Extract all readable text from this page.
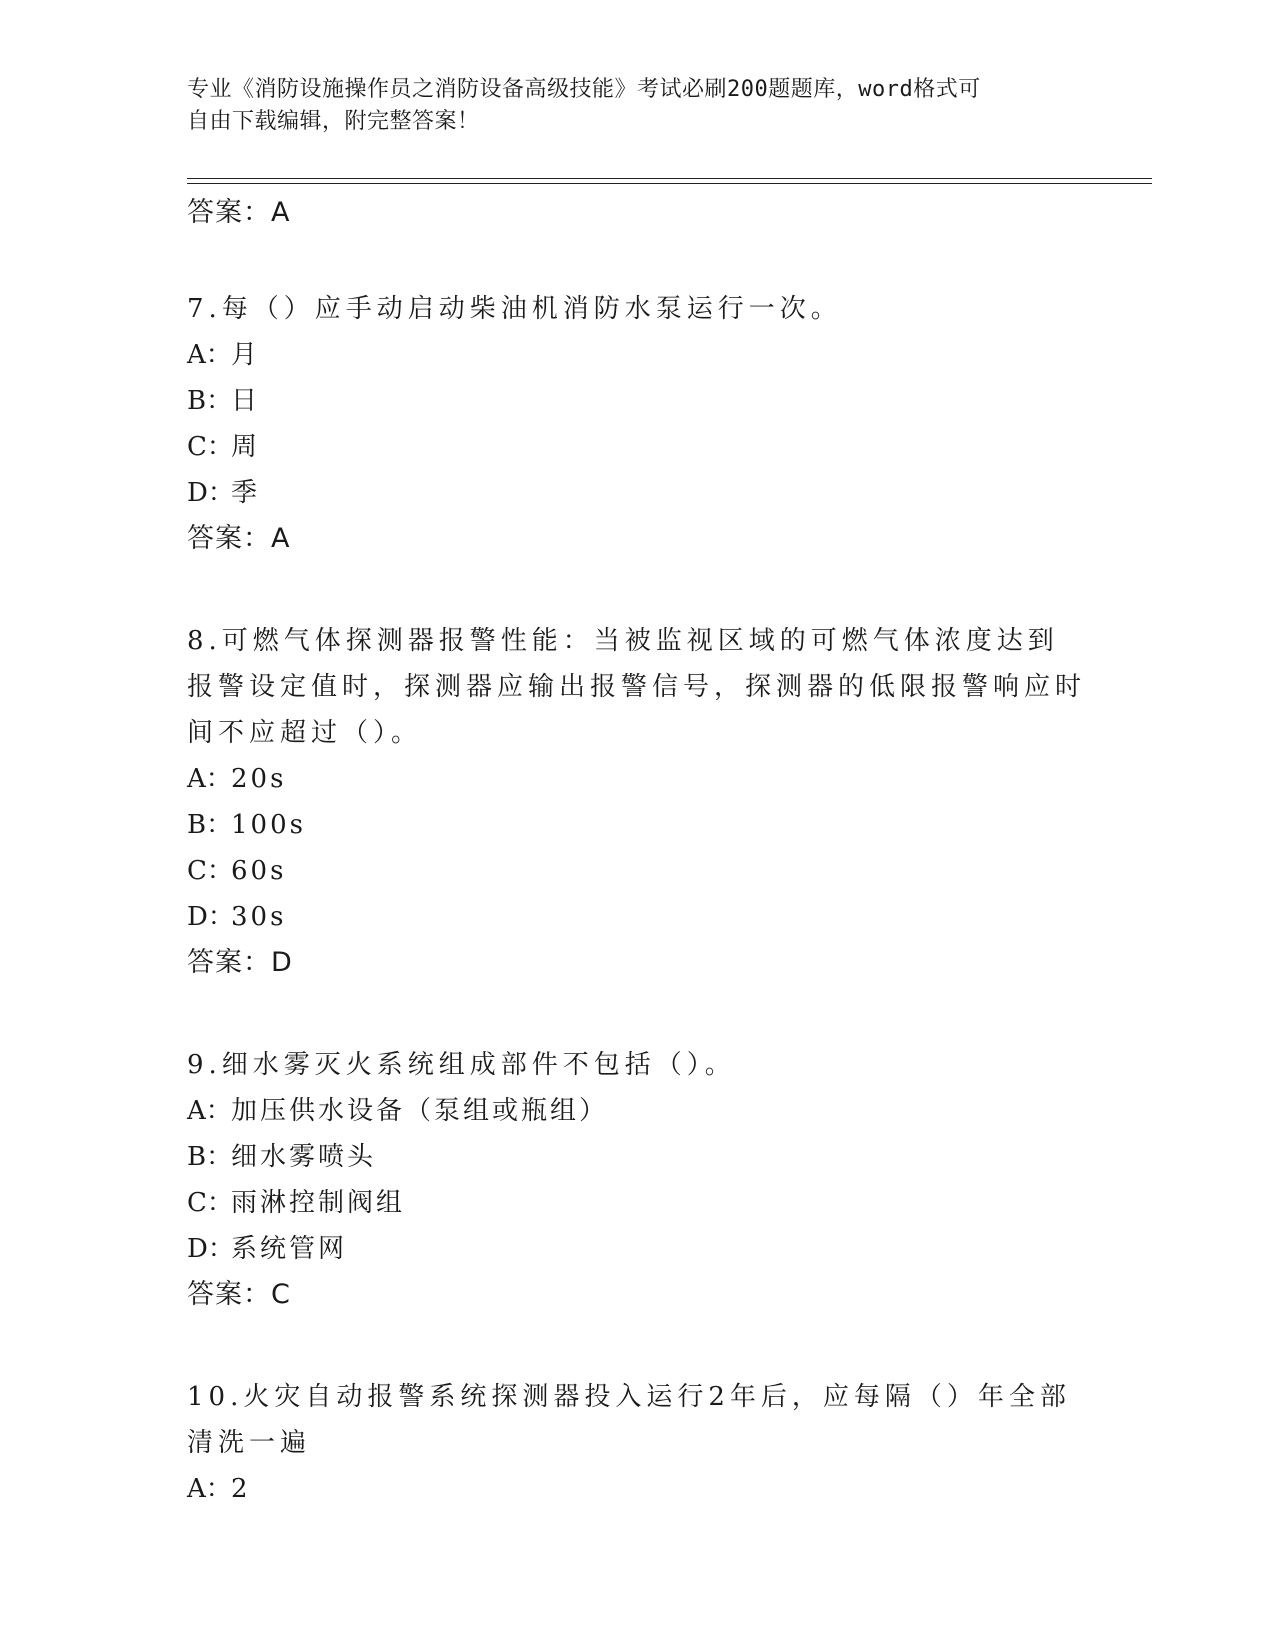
专业《消防设施操作员之消防设备高级技能》考试必刷200题题库，word格式可
自由下载编辑，附完整答案！
答案：A
7.每（）应手动启动柴油机消防水泵运行一次。
A：月
B：日
C：周
D：季
答案：A
8.可燃气体探测器报警性能：当被监视区域的可燃气体浓度达到报警设定值时，探测器应输出报警信号，探测器的低限报警响应时间不应超过（）。
A：20s
B：100s
C：60s
D：30s
答案：D
9.细水雾灭火系统组成部件不包括（）。
A：加压供水设备（泵组或瓶组）
B：细水雾喷头
C：雨淋控制阀组
D：系统管网
答案：C
10.火灾自动报警系统探测器投入运行2年后，应每隔（）年全部清洗一遍
A：2
